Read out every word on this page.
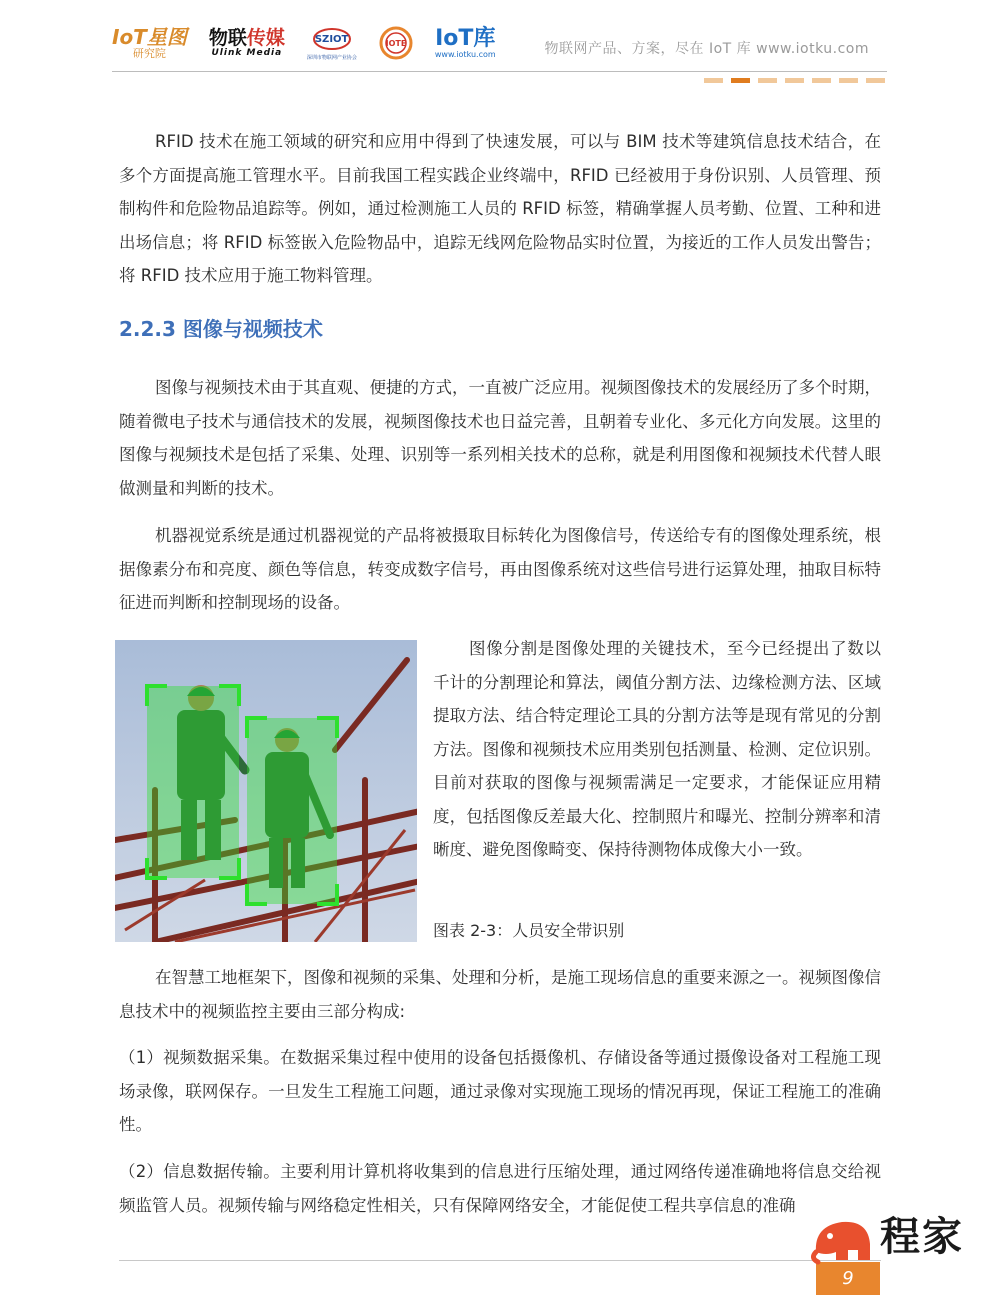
IoT星图
研究院
物联传媒
Ulink Media
SZIOT
深圳市物联网产业协会
IOTE IoT库
www.iotku.com	物联网产品、方案，尽在 IoT 库 www.iotku.com

RFID 技术在施工领域的研究和应用中得到了快速发展，可以与 BIM 技术等建筑信息技术结合，在多个方面提高施工管理水平。目前我国工程实践企业终端中，RFID 已经被用于身份识别、人员管理、预制构件和危险物品追踪等。例如，通过检测施工人员的 RFID 标签，精确掌握人员考勤、位置、工种和进出场信息；将 RFID 标签嵌入危险物品中，追踪无线网危险物品实时位置，为接近的工作人员发出警告；将 RFID 技术应用于施工物料管理。

2.2.3 图像与视频技术

图像与视频技术由于其直观、便捷的方式，一直被广泛应用。视频图像技术的发展经历了多个时期，随着微电子技术与通信技术的发展，视频图像技术也日益完善，且朝着专业化、多元化方向发展。这里的图像与视频技术是包括了采集、处理、识别等一系列相关技术的总称，就是利用图像和视频技术代替人眼做测量和判断的技术。

机器视觉系统是通过机器视觉的产品将被摄取目标转化为图像信号，传送给专有的图像处理系统，根据像素分布和亮度、颜色等信息，转变成数字信号，再由图像系统对这些信号进行运算处理，抽取目标特征进而判断和控制现场的设备。

图像分割是图像处理的关键技术，至今已经提出了数以千计的分割理论和算法，阈值分割方法、边缘检测方法、区域提取方法、结合特定理论工具的分割方法等是现有常见的分割方法。图像和视频技术应用类别包括测量、检测、定位识别。目前对获取的图像与视频需满足一定要求，才能保证应用精度，包括图像反差最大化、控制照片和曝光、控制分辨率和清晰度、避免图像畸变、保持待测物体成像大小一致。

图表 2-3：人员安全带识别

在智慧工地框架下，图像和视频的采集、处理和分析，是施工现场信息的重要来源之一。视频图像信息技术中的视频监控主要由三部分构成:

（1）视频数据采集。在数据采集过程中使用的设备包括摄像机、存储设备等通过摄像设备对工程施工现场录像，联网保存。一旦发生工程施工问题，通过录像对实现施工现场的情况再现，保证工程施工的准确性。

（2）信息数据传输。主要利用计算机将收集到的信息进行压缩处理，通过网络传递准确地将信息交给视频监管人员。视频传输与网络稳定性相关，只有保障网络安全，才能促使工程共享信息的准确

9
程家
